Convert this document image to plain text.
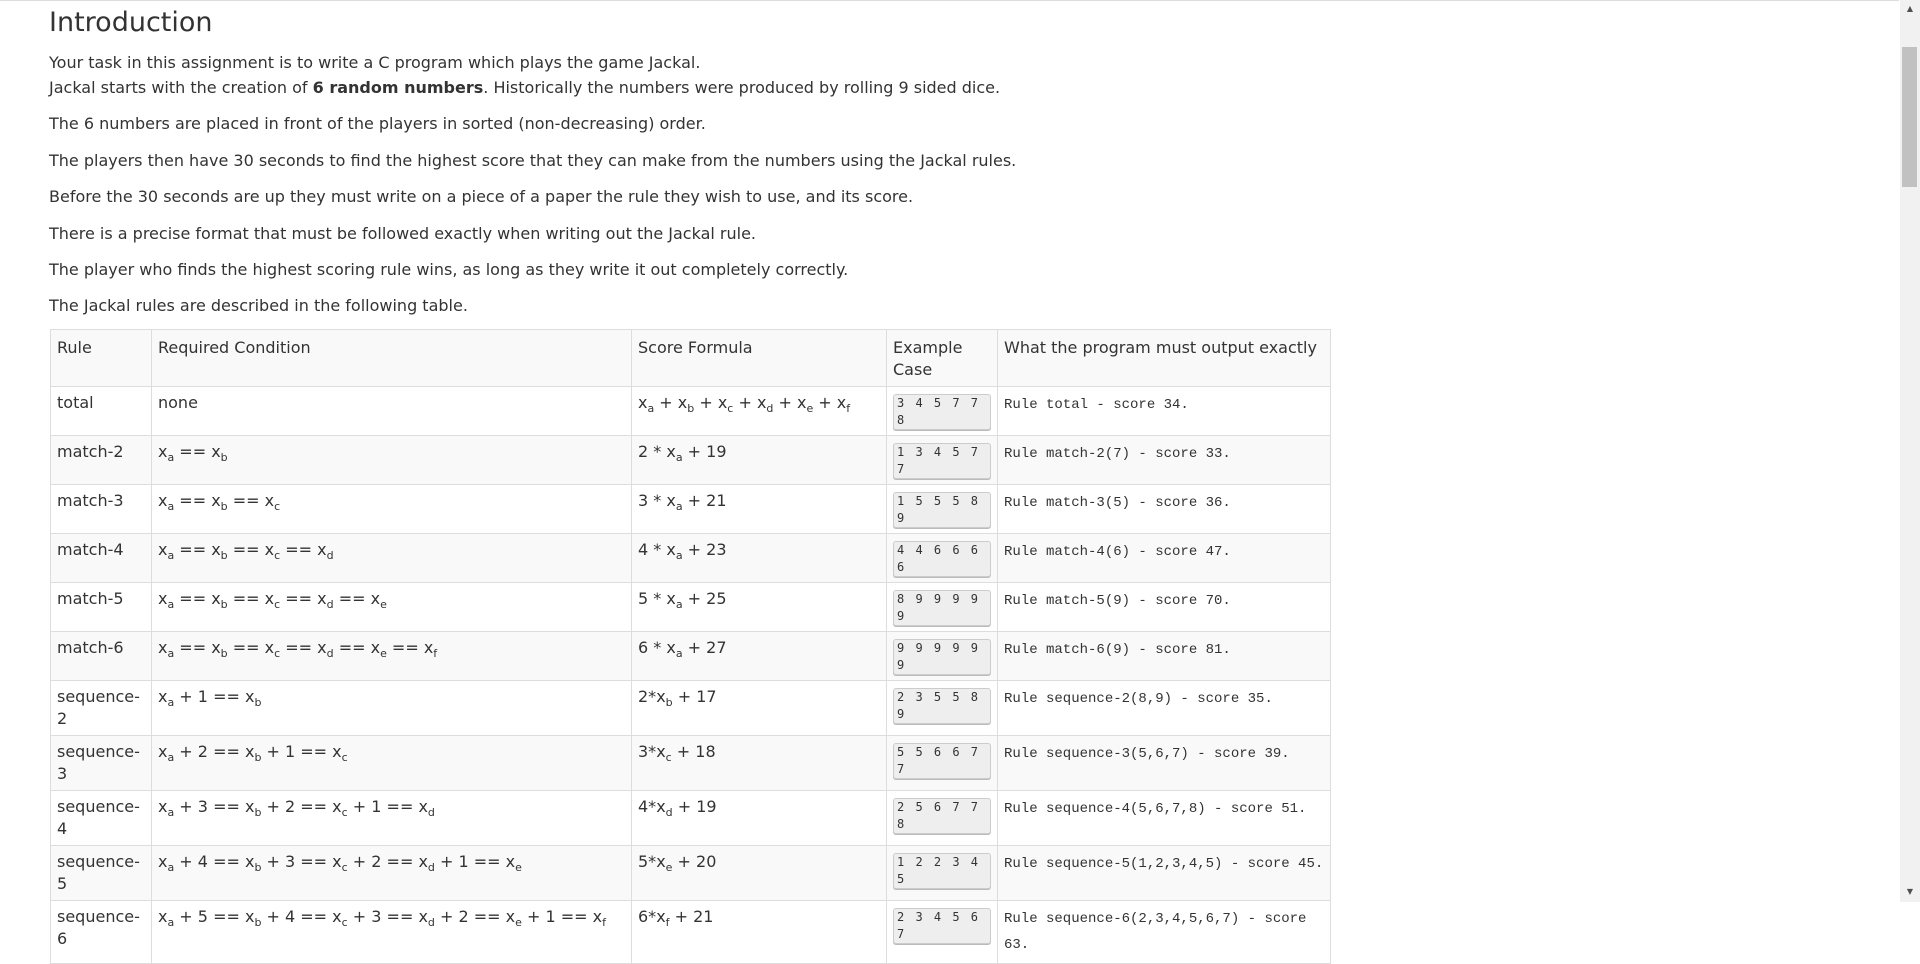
Introduction

Your task in this assignment is to write a C program which plays the game Jackal.

Jackal starts with the creation of 6 random numbers. Historically the numbers were produced by rolling 9 sided dice.

The 6 numbers are placed in front of the players in sorted (non-decreasing) order.

The players then have 30 seconds to find the highest score that they can make from the numbers using the Jackal rules.

Before the 30 seconds are up they must write on a piece of a paper the rule they wish to use, and its score.

There is a precise format that must be followed exactly when writing out the Jackal rule.

The player who finds the highest scoring rule wins, as long as they write it out completely correctly.

The Jackal rules are described in the following table.

Rule	Required Condition	Score Formula	Example Case	What the program must output exactly
total	none	$x_a + x_b + x_c + x_d + x_e + x_f$	3 4 5 7 7 8	Rule total - score 34.
match-2	$x_a == x_b$	$2 * x_a + 19$	1 3 4 5 7 7	Rule match-2(7) - score 33.
match-3	$x_a == x_b == x_c$	$3 * x_a + 21$	1 5 5 5 8 9	Rule match-3(5) - score 36.
match-4	$x_a == x_b == x_c == x_d$	$4 * x_a + 23$	4 4 6 6 6 6	Rule match-4(6) - score 47.
match-5	$x_a == x_b == x_c == x_d == x_e$	$5 * x_a + 25$	8 9 9 9 9 9	Rule match-5(9) - score 70.
match-6	$x_a == x_b == x_c == x_d == x_e == x_f$	$6 * x_a + 27$	9 9 9 9 9 9	Rule match-6(9) - score 81.
sequence-2	$x_a + 1 == x_b$	$2*x_b + 17$	2 3 5 5 8 9	Rule sequence-2(8,9) - score 35.
sequence-3	$x_a + 2 == x_b + 1 == x_c$	$3*x_c + 18$	5 5 6 6 7 7	Rule sequence-3(5,6,7) - score 39.
sequence-4	$x_a + 3 == x_b + 2 == x_c + 1 == x_d$	$4*x_d + 19$	2 5 6 7 7 8	Rule sequence-4(5,6,7,8) - score 51.
sequence-5	$x_a + 4 == x_b + 3 == x_c + 2 == x_d + 1 == x_e$	$5*x_e + 20$	1 2 2 3 4 5	Rule sequence-5(1,2,3,4,5) - score 45.
sequence-6	$x_a + 5 == x_b + 4 == x_c + 3 == x_d + 2 == x_e + 1 == x_f$	$6*x_f + 21$	2 3 4 5 6 7	Rule sequence-6(2,3,4,5,6,7) - score 63.
▲
▼
